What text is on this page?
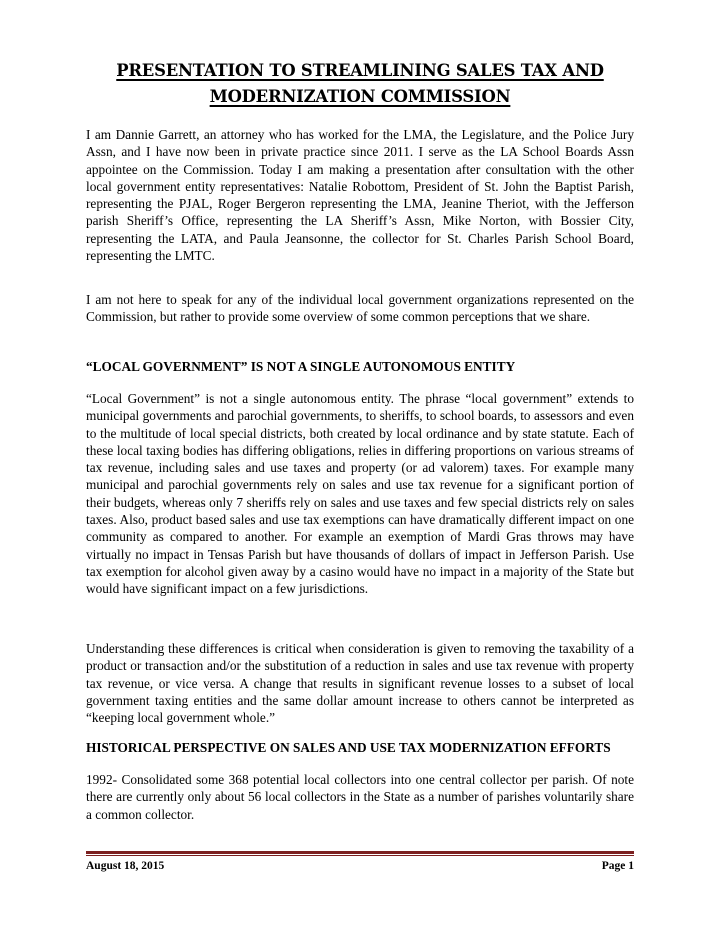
PRESENTATION TO STREAMLINING SALES TAX AND MODERNIZATION COMMISSION

I am Dannie Garrett, an attorney who has worked for the LMA, the Legislature, and the Police Jury Assn, and I have now been in private practice since 2011. I serve as the LA School Boards Assn appointee on the Commission. Today I am making a presentation after consultation with the other local government entity representatives: Natalie Robottom, President of St. John the Baptist Parish, representing the PJAL, Roger Bergeron representing the LMA, Jeanine Theriot, with the Jefferson parish Sheriff’s Office, representing the LA Sheriff’s Assn, Mike Norton, with Bossier City, representing the LATA, and Paula Jeansonne, the collector for St. Charles Parish School Board, representing the LMTC.

I am not here to speak for any of the individual local government organizations represented on the Commission, but rather to provide some overview of some common perceptions that we share.

“LOCAL GOVERNMENT” IS NOT A SINGLE AUTONOMOUS ENTITY

“Local Government” is not a single autonomous entity. The phrase “local government” extends to municipal governments and parochial governments, to sheriffs, to school boards, to assessors and even to the multitude of local special districts, both created by local ordinance and by state statute. Each of these local taxing bodies has differing obligations, relies in differing proportions on various streams of tax revenue, including sales and use taxes and property (or ad valorem) taxes. For example many municipal and parochial governments rely on sales and use tax revenue for a significant portion of their budgets, whereas only 7 sheriffs rely on sales and use taxes and few special districts rely on sales taxes. Also, product based sales and use tax exemptions can have dramatically different impact on one community as compared to another. For example an exemption of Mardi Gras throws may have virtually no impact in Tensas Parish but have thousands of dollars of impact in Jefferson Parish. Use tax exemption for alcohol given away by a casino would have no impact in a majority of the State but would have significant impact on a few jurisdictions.

Understanding these differences is critical when consideration is given to removing the taxability of a product or transaction and/or the substitution of a reduction in sales and use tax revenue with property tax revenue, or vice versa. A change that results in significant revenue losses to a subset of local government taxing entities and the same dollar amount increase to others cannot be interpreted as “keeping local government whole.”

HISTORICAL PERSPECTIVE ON SALES AND USE TAX MODERNIZATION EFFORTS

1992- Consolidated some 368 potential local collectors into one central collector per parish. Of note there are currently only about 56 local collectors in the State as a number of parishes voluntarily share a common collector.

August 18, 2015	Page 1
